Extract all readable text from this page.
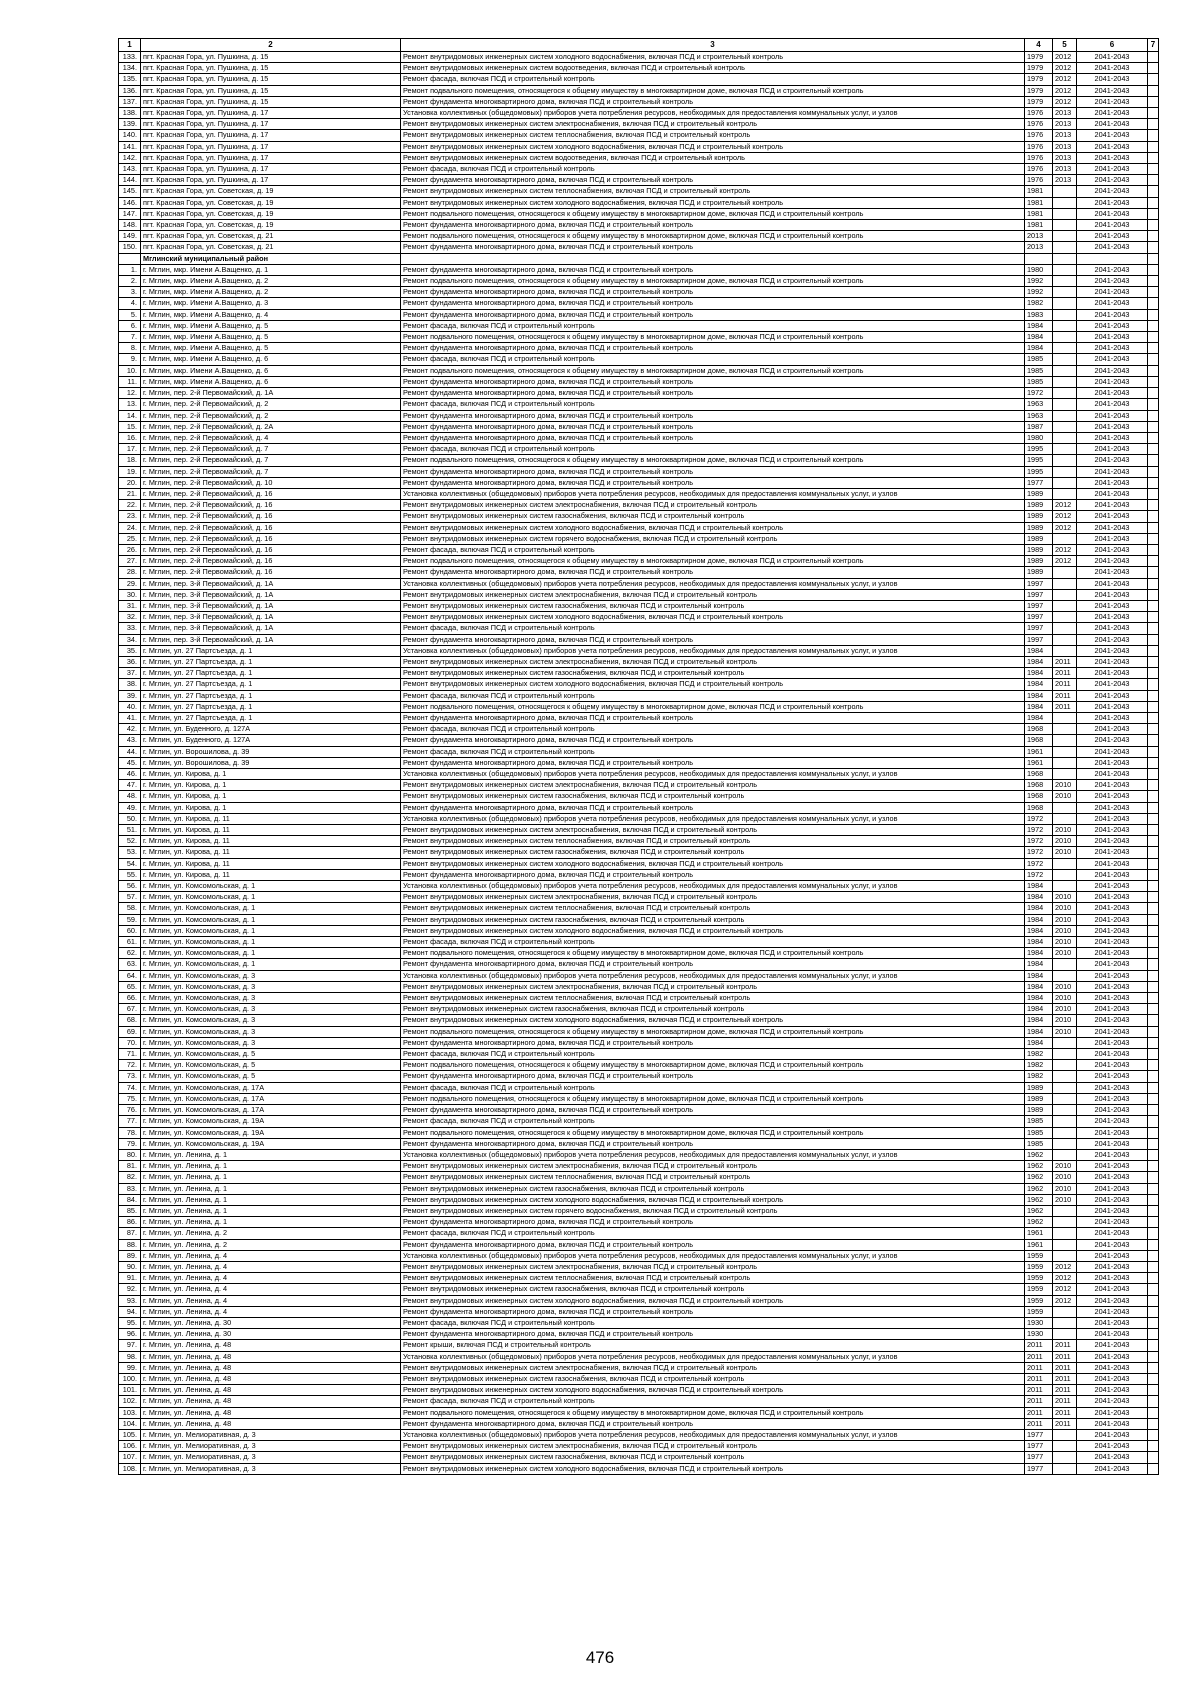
1	2	3	4	5	6	7
133.	пгт. Красная Гора, ул. Пушкина, д. 15	Ремонт внутридомовых инженерных систем холодного водоснабжения, включая ПСД и строительный контроль	1979	2012	2041-2043	
134.	пгт. Красная Гора, ул. Пушкина, д. 15	Ремонт внутридомовых инженерных систем водоотведения, включая ПСД и строительный контроль	1979	2012	2041-2043	
135.	пгт. Красная Гора, ул. Пушкина, д. 15	Ремонт фасада, включая ПСД и строительный контроль	1979	2012	2041-2043	
136.	пгт. Красная Гора, ул. Пушкина, д. 15	Ремонт подвального помещения, относящегося к общему имуществу в многоквартирном доме, включая ПСД и строительный контроль	1979	2012	2041-2043	
137.	пгт. Красная Гора, ул. Пушкина, д. 15	Ремонт фундамента многоквартирного дома, включая ПСД и строительный контроль	1979	2012	2041-2043	
138.	пгт. Красная Гора, ул. Пушкина, д. 17	Установка коллективных (общедомовых) приборов учета потребления ресурсов, необходимых для предоставления коммунальных услуг, и узлов	1976	2013	2041-2043	
139.	пгт. Красная Гора, ул. Пушкина, д. 17	Ремонт внутридомовых инженерных систем электроснабжения, включая ПСД и строительный контроль	1976	2013	2041-2043	
140.	пгт. Красная Гора, ул. Пушкина, д. 17	Ремонт внутридомовых инженерных систем теплоснабжения, включая ПСД и строительный контроль	1976	2013	2041-2043	
141.	пгт. Красная Гора, ул. Пушкина, д. 17	Ремонт внутридомовых инженерных систем холодного водоснабжения, включая ПСД и строительный контроль	1976	2013	2041-2043	
142.	пгт. Красная Гора, ул. Пушкина, д. 17	Ремонт внутридомовых инженерных систем водоотведения, включая ПСД и строительный контроль	1976	2013	2041-2043	
143.	пгт. Красная Гора, ул. Пушкина, д. 17	Ремонт фасада, включая ПСД и строительный контроль	1976	2013	2041-2043	
144.	пгт. Красная Гора, ул. Пушкина, д. 17	Ремонт фундамента многоквартирного дома, включая ПСД и строительный контроль	1976	2013	2041-2043	
145.	пгт. Красная Гора, ул. Советская, д. 19	Ремонт внутридомовых инженерных систем теплоснабжения, включая ПСД и строительный контроль	1981		2041-2043	
146.	пгт. Красная Гора, ул. Советская, д. 19	Ремонт внутридомовых инженерных систем холодного водоснабжения, включая ПСД и строительный контроль	1981		2041-2043	
147.	пгт. Красная Гора, ул. Советская, д. 19	Ремонт подвального помещения, относящегося к общему имуществу в многоквартирном доме, включая ПСД и строительный контроль	1981		2041-2043	
148.	пгт. Красная Гора, ул. Советская, д. 19	Ремонт фундамента многоквартирного дома, включая ПСД и строительный контроль	1981		2041-2043	
149.	пгт. Красная Гора, ул. Советская, д. 21	Ремонт подвального помещения, относящегося к общему имуществу в многоквартирном доме, включая ПСД и строительный контроль	2013		2041-2043	
150.	пгт. Красная Гора, ул. Советская, д. 21	Ремонт фундамента многоквартирного дома, включая ПСД и строительный контроль	2013		2041-2043	
	Мглинский муниципальный район					
1.	г. Мглин, мкр. Имени А.Ващенко, д. 1	Ремонт фундамента многоквартирного дома, включая ПСД и строительный контроль	1980		2041-2043	
2.	г. Мглин, мкр. Имени А.Ващенко, д. 2	Ремонт подвального помещения, относящегося к общему имуществу в многоквартирном доме, включая ПСД и строительный контроль	1992		2041-2043	
3.	г. Мглин, мкр. Имени А.Ващенко, д. 2	Ремонт фундамента многоквартирного дома, включая ПСД и строительный контроль	1992		2041-2043	
4.	г. Мглин, мкр. Имени А.Ващенко, д. 3	Ремонт фундамента многоквартирного дома, включая ПСД и строительный контроль	1982		2041-2043	
5.	г. Мглин, мкр. Имени А.Ващенко, д. 4	Ремонт фундамента многоквартирного дома, включая ПСД и строительный контроль	1983		2041-2043	
6.	г. Мглин, мкр. Имени А.Ващенко, д. 5	Ремонт фасада, включая ПСД и строительный контроль	1984		2041-2043	
7.	г. Мглин, мкр. Имени А.Ващенко, д. 5	Ремонт подвального помещения, относящегося к общему имуществу в многоквартирном доме, включая ПСД и строительный контроль	1984		2041-2043	
8.	г. Мглин, мкр. Имени А.Ващенко, д. 5	Ремонт фундамента многоквартирного дома, включая ПСД и строительный контроль	1984		2041-2043	
9.	г. Мглин, мкр. Имени А.Ващенко, д. 6	Ремонт фасада, включая ПСД и строительный контроль	1985		2041-2043	
10.	г. Мглин, мкр. Имени А.Ващенко, д. 6	Ремонт подвального помещения, относящегося к общему имуществу в многоквартирном доме, включая ПСД и строительный контроль	1985		2041-2043	
11.	г. Мглин, мкр. Имени А.Ващенко, д. 6	Ремонт фундамента многоквартирного дома, включая ПСД и строительный контроль	1985		2041-2043	
12.	г. Мглин, пер. 2-й Первомайский, д. 1А	Ремонт фундамента многоквартирного дома, включая ПСД и строительный контроль	1972		2041-2043	
13.	г. Мглин, пер. 2-й Первомайский, д. 2	Ремонт фасада, включая ПСД и строительный контроль	1963		2041-2043	
14.	г. Мглин, пер. 2-й Первомайский, д. 2	Ремонт фундамента многоквартирного дома, включая ПСД и строительный контроль	1963		2041-2043	
15.	г. Мглин, пер. 2-й Первомайский, д. 2А	Ремонт фундамента многоквартирного дома, включая ПСД и строительный контроль	1987		2041-2043	
16.	г. Мглин, пер. 2-й Первомайский, д. 4	Ремонт фундамента многоквартирного дома, включая ПСД и строительный контроль	1980		2041-2043	
17.	г. Мглин, пер. 2-й Первомайский, д. 7	Ремонт фасада, включая ПСД и строительный контроль	1995		2041-2043	
18.	г. Мглин, пер. 2-й Первомайский, д. 7	Ремонт подвального помещения, относящегося к общему имуществу в многоквартирном доме, включая ПСД и строительный контроль	1995		2041-2043	
19.	г. Мглин, пер. 2-й Первомайский, д. 7	Ремонт фундамента многоквартирного дома, включая ПСД и строительный контроль	1995		2041-2043	
20.	г. Мглин, пер. 2-й Первомайский, д. 10	Ремонт фундамента многоквартирного дома, включая ПСД и строительный контроль	1977		2041-2043	
21.	г. Мглин, пер. 2-й Первомайский, д. 16	Установка коллективных (общедомовых) приборов учета потребления ресурсов, необходимых для предоставления коммунальных услуг, и узлов	1989		2041-2043	
22.	г. Мглин, пер. 2-й Первомайский, д. 16	Ремонт внутридомовых инженерных систем электроснабжения, включая ПСД и строительный контроль	1989	2012	2041-2043	
23.	г. Мглин, пер. 2-й Первомайский, д. 16	Ремонт внутридомовых инженерных систем газоснабжения, включая ПСД и строительный контроль	1989	2012	2041-2043	
24.	г. Мглин, пер. 2-й Первомайский, д. 16	Ремонт внутридомовых инженерных систем холодного водоснабжения, включая ПСД и строительный контроль	1989	2012	2041-2043	
25.	г. Мглин, пер. 2-й Первомайский, д. 16	Ремонт внутридомовых инженерных систем горячего водоснабжения, включая ПСД и строительный контроль	1989		2041-2043	
26.	г. Мглин, пер. 2-й Первомайский, д. 16	Ремонт фасада, включая ПСД и строительный контроль	1989	2012	2041-2043	
27.	г. Мглин, пер. 2-й Первомайский, д. 16	Ремонт подвального помещения, относящегося к общему имуществу в многоквартирном доме, включая ПСД и строительный контроль	1989	2012	2041-2043	
28.	г. Мглин, пер. 2-й Первомайский, д. 16	Ремонт фундамента многоквартирного дома, включая ПСД и строительный контроль	1989		2041-2043	
29.	г. Мглин, пер. 3-й Первомайский, д. 1А	Установка коллективных (общедомовых) приборов учета потребления ресурсов, необходимых для предоставления коммунальных услуг, и узлов	1997		2041-2043	
30.	г. Мглин, пер. 3-й Первомайский, д. 1А	Ремонт внутридомовых инженерных систем электроснабжения, включая ПСД и строительный контроль	1997		2041-2043	
31.	г. Мглин, пер. 3-й Первомайский, д. 1А	Ремонт внутридомовых инженерных систем газоснабжения, включая ПСД и строительный контроль	1997		2041-2043	
32.	г. Мглин, пер. 3-й Первомайский, д. 1А	Ремонт внутридомовых инженерных систем холодного водоснабжения, включая ПСД и строительный контроль	1997		2041-2043	
33.	г. Мглин, пер. 3-й Первомайский, д. 1А	Ремонт фасада, включая ПСД и строительный контроль	1997		2041-2043	
34.	г. Мглин, пер. 3-й Первомайский, д. 1А	Ремонт фундамента многоквартирного дома, включая ПСД и строительный контроль	1997		2041-2043	
35.	г. Мглин, ул. 27 Партсъезда, д. 1	Установка коллективных (общедомовых) приборов учета потребления ресурсов, необходимых для предоставления коммунальных услуг, и узлов	1984		2041-2043	
36.	г. Мглин, ул. 27 Партсъезда, д. 1	Ремонт внутридомовых инженерных систем электроснабжения, включая ПСД и строительный контроль	1984	2011	2041-2043	
37.	г. Мглин, ул. 27 Партсъезда, д. 1	Ремонт внутридомовых инженерных систем газоснабжения, включая ПСД и строительный контроль	1984	2011	2041-2043	
38.	г. Мглин, ул. 27 Партсъезда, д. 1	Ремонт внутридомовых инженерных систем холодного водоснабжения, включая ПСД и строительный контроль	1984	2011	2041-2043	
39.	г. Мглин, ул. 27 Партсъезда, д. 1	Ремонт фасада, включая ПСД и строительный контроль	1984	2011	2041-2043	
40.	г. Мглин, ул. 27 Партсъезда, д. 1	Ремонт подвального помещения, относящегося к общему имуществу в многоквартирном доме, включая ПСД и строительный контроль	1984	2011	2041-2043	
41.	г. Мглин, ул. 27 Партсъезда, д. 1	Ремонт фундамента многоквартирного дома, включая ПСД и строительный контроль	1984		2041-2043	
42.	г. Мглин, ул. Буденного, д. 127А	Ремонт фасада, включая ПСД и строительный контроль	1968		2041-2043	
43.	г. Мглин, ул. Буденного, д. 127А	Ремонт фундамента многоквартирного дома, включая ПСД и строительный контроль	1968		2041-2043	
44.	г. Мглин, ул. Ворошилова, д. 39	Ремонт фасада, включая ПСД и строительный контроль	1961		2041-2043	
45.	г. Мглин, ул. Ворошилова, д. 39	Ремонт фундамента многоквартирного дома, включая ПСД и строительный контроль	1961		2041-2043	
46.	г. Мглин, ул. Кирова, д. 1	Установка коллективных (общедомовых) приборов учета потребления ресурсов, необходимых для предоставления коммунальных услуг, и узлов	1968		2041-2043	
47.	г. Мглин, ул. Кирова, д. 1	Ремонт внутридомовых инженерных систем электроснабжения, включая ПСД и строительный контроль	1968	2010	2041-2043	
48.	г. Мглин, ул. Кирова, д. 1	Ремонт внутридомовых инженерных систем газоснабжения, включая ПСД и строительный контроль	1968	2010	2041-2043	
49.	г. Мглин, ул. Кирова, д. 1	Ремонт фундамента многоквартирного дома, включая ПСД и строительный контроль	1968		2041-2043	
50.	г. Мглин, ул. Кирова, д. 11	Установка коллективных (общедомовых) приборов учета потребления ресурсов, необходимых для предоставления коммунальных услуг, и узлов	1972		2041-2043	
51.	г. Мглин, ул. Кирова, д. 11	Ремонт внутридомовых инженерных систем электроснабжения, включая ПСД и строительный контроль	1972	2010	2041-2043	
52.	г. Мглин, ул. Кирова, д. 11	Ремонт внутридомовых инженерных систем теплоснабжения, включая ПСД и строительный контроль	1972	2010	2041-2043	
53.	г. Мглин, ул. Кирова, д. 11	Ремонт внутридомовых инженерных систем газоснабжения, включая ПСД и строительный контроль	1972	2010	2041-2043	
54.	г. Мглин, ул. Кирова, д. 11	Ремонт внутридомовых инженерных систем холодного водоснабжения, включая ПСД и строительный контроль	1972		2041-2043	
55.	г. Мглин, ул. Кирова, д. 11	Ремонт фундамента многоквартирного дома, включая ПСД и строительный контроль	1972		2041-2043	
56.	г. Мглин, ул. Комсомольская, д. 1	Установка коллективных (общедомовых) приборов учета потребления ресурсов, необходимых для предоставления коммунальных услуг, и узлов	1984		2041-2043	
57.	г. Мглин, ул. Комсомольская, д. 1	Ремонт внутридомовых инженерных систем электроснабжения, включая ПСД и строительный контроль	1984	2010	2041-2043	
58.	г. Мглин, ул. Комсомольская, д. 1	Ремонт внутридомовых инженерных систем теплоснабжения, включая ПСД и строительный контроль	1984	2010	2041-2043	
59.	г. Мглин, ул. Комсомольская, д. 1	Ремонт внутридомовых инженерных систем газоснабжения, включая ПСД и строительный контроль	1984	2010	2041-2043	
60.	г. Мглин, ул. Комсомольская, д. 1	Ремонт внутридомовых инженерных систем холодного водоснабжения, включая ПСД и строительный контроль	1984	2010	2041-2043	
61.	г. Мглин, ул. Комсомольская, д. 1	Ремонт фасада, включая ПСД и строительный контроль	1984	2010	2041-2043	
62.	г. Мглин, ул. Комсомольская, д. 1	Ремонт подвального помещения, относящегося к общему имуществу в многоквартирном доме, включая ПСД и строительный контроль	1984	2010	2041-2043	
63.	г. Мглин, ул. Комсомольская, д. 1	Ремонт фундамента многоквартирного дома, включая ПСД и строительный контроль	1984		2041-2043	
64.	г. Мглин, ул. Комсомольская, д. 3	Установка коллективных (общедомовых) приборов учета потребления ресурсов, необходимых для предоставления коммунальных услуг, и узлов	1984		2041-2043	
65.	г. Мглин, ул. Комсомольская, д. 3	Ремонт внутридомовых инженерных систем электроснабжения, включая ПСД и строительный контроль	1984	2010	2041-2043	
66.	г. Мглин, ул. Комсомольская, д. 3	Ремонт внутридомовых инженерных систем теплоснабжения, включая ПСД и строительный контроль	1984	2010	2041-2043	
67.	г. Мглин, ул. Комсомольская, д. 3	Ремонт внутридомовых инженерных систем газоснабжения, включая ПСД и строительный контроль	1984	2010	2041-2043	
68.	г. Мглин, ул. Комсомольская, д. 3	Ремонт внутридомовых инженерных систем холодного водоснабжения, включая ПСД и строительный контроль	1984	2010	2041-2043	
69.	г. Мглин, ул. Комсомольская, д. 3	Ремонт подвального помещения, относящегося к общему имуществу в многоквартирном доме, включая ПСД и строительный контроль	1984	2010	2041-2043	
70.	г. Мглин, ул. Комсомольская, д. 3	Ремонт фундамента многоквартирного дома, включая ПСД и строительный контроль	1984		2041-2043	
71.	г. Мглин, ул. Комсомольская, д. 5	Ремонт фасада, включая ПСД и строительный контроль	1982		2041-2043	
72.	г. Мглин, ул. Комсомольская, д. 5	Ремонт подвального помещения, относящегося к общему имуществу в многоквартирном доме, включая ПСД и строительный контроль	1982		2041-2043	
73.	г. Мглин, ул. Комсомольская, д. 5	Ремонт фундамента многоквартирного дома, включая ПСД и строительный контроль	1982		2041-2043	
74.	г. Мглин, ул. Комсомольская, д. 17А	Ремонт фасада, включая ПСД и строительный контроль	1989		2041-2043	
75.	г. Мглин, ул. Комсомольская, д. 17А	Ремонт подвального помещения, относящегося к общему имуществу в многоквартирном доме, включая ПСД и строительный контроль	1989		2041-2043	
76.	г. Мглин, ул. Комсомольская, д. 17А	Ремонт фундамента многоквартирного дома, включая ПСД и строительный контроль	1989		2041-2043	
77.	г. Мглин, ул. Комсомольская, д. 19А	Ремонт фасада, включая ПСД и строительный контроль	1985		2041-2043	
78.	г. Мглин, ул. Комсомольская, д. 19А	Ремонт подвального помещения, относящегося к общему имуществу в многоквартирном доме, включая ПСД и строительный контроль	1985		2041-2043	
79.	г. Мглин, ул. Комсомольская, д. 19А	Ремонт фундамента многоквартирного дома, включая ПСД и строительный контроль	1985		2041-2043	
80.	г. Мглин, ул. Ленина, д. 1	Установка коллективных (общедомовых) приборов учета потребления ресурсов, необходимых для предоставления коммунальных услуг, и узлов	1962		2041-2043	
81.	г. Мглин, ул. Ленина, д. 1	Ремонт внутридомовых инженерных систем электроснабжения, включая ПСД и строительный контроль	1962	2010	2041-2043	
82.	г. Мглин, ул. Ленина, д. 1	Ремонт внутридомовых инженерных систем теплоснабжения, включая ПСД и строительный контроль	1962	2010	2041-2043	
83.	г. Мглин, ул. Ленина, д. 1	Ремонт внутридомовых инженерных систем газоснабжения, включая ПСД и строительный контроль	1962	2010	2041-2043	
84.	г. Мглин, ул. Ленина, д. 1	Ремонт внутридомовых инженерных систем холодного водоснабжения, включая ПСД и строительный контроль	1962	2010	2041-2043	
85.	г. Мглин, ул. Ленина, д. 1	Ремонт внутридомовых инженерных систем горячего водоснабжения, включая ПСД и строительный контроль	1962		2041-2043	
86.	г. Мглин, ул. Ленина, д. 1	Ремонт фундамента многоквартирного дома, включая ПСД и строительный контроль	1962		2041-2043	
87.	г. Мглин, ул. Ленина, д. 2	Ремонт фасада, включая ПСД и строительный контроль	1961		2041-2043	
88.	г. Мглин, ул. Ленина, д. 2	Ремонт фундамента многоквартирного дома, включая ПСД и строительный контроль	1961		2041-2043	
89.	г. Мглин, ул. Ленина, д. 4	Установка коллективных (общедомовых) приборов учета потребления ресурсов, необходимых для предоставления коммунальных услуг, и узлов	1959		2041-2043	
90.	г. Мглин, ул. Ленина, д. 4	Ремонт внутридомовых инженерных систем электроснабжения, включая ПСД и строительный контроль	1959	2012	2041-2043	
91.	г. Мглин, ул. Ленина, д. 4	Ремонт внутридомовых инженерных систем теплоснабжения, включая ПСД и строительный контроль	1959	2012	2041-2043	
92.	г. Мглин, ул. Ленина, д. 4	Ремонт внутридомовых инженерных систем газоснабжения, включая ПСД и строительный контроль	1959	2012	2041-2043	
93.	г. Мглин, ул. Ленина, д. 4	Ремонт внутридомовых инженерных систем холодного водоснабжения, включая ПСД и строительный контроль	1959	2012	2041-2043	
94.	г. Мглин, ул. Ленина, д. 4	Ремонт фундамента многоквартирного дома, включая ПСД и строительный контроль	1959		2041-2043	
95.	г. Мглин, ул. Ленина, д. 30	Ремонт фасада, включая ПСД и строительный контроль	1930		2041-2043	
96.	г. Мглин, ул. Ленина, д. 30	Ремонт фундамента многоквартирного дома, включая ПСД и строительный контроль	1930		2041-2043	
97.	г. Мглин, ул. Ленина, д. 48	Ремонт крыши, включая ПСД и строительный контроль	2011	2011	2041-2043	
98.	г. Мглин, ул. Ленина, д. 48	Установка коллективных (общедомовых) приборов учета потребления ресурсов, необходимых для предоставления коммунальных услуг, и узлов	2011	2011	2041-2043	
99.	г. Мглин, ул. Ленина, д. 48	Ремонт внутридомовых инженерных систем электроснабжения, включая ПСД и строительный контроль	2011	2011	2041-2043	
100.	г. Мглин, ул. Ленина, д. 48	Ремонт внутридомовых инженерных систем газоснабжения, включая ПСД и строительный контроль	2011	2011	2041-2043	
101.	г. Мглин, ул. Ленина, д. 48	Ремонт внутридомовых инженерных систем холодного водоснабжения, включая ПСД и строительный контроль	2011	2011	2041-2043	
102.	г. Мглин, ул. Ленина, д. 48	Ремонт фасада, включая ПСД и строительный контроль	2011	2011	2041-2043	
103.	г. Мглин, ул. Ленина, д. 48	Ремонт подвального помещения, относящегося к общему имуществу в многоквартирном доме, включая ПСД и строительный контроль	2011	2011	2041-2043	
104.	г. Мглин, ул. Ленина, д. 48	Ремонт фундамента многоквартирного дома, включая ПСД и строительный контроль	2011	2011	2041-2043	
105.	г. Мглин, ул. Мелиоративная, д. 3	Установка коллективных (общедомовых) приборов учета потребления ресурсов, необходимых для предоставления коммунальных услуг, и узлов	1977		2041-2043	
106.	г. Мглин, ул. Мелиоративная, д. 3	Ремонт внутридомовых инженерных систем электроснабжения, включая ПСД и строительный контроль	1977		2041-2043	
107.	г. Мглин, ул. Мелиоративная, д. 3	Ремонт внутридомовых инженерных систем газоснабжения, включая ПСД и строительный контроль	1977		2041-2043	
108.	г. Мглин, ул. Мелиоративная, д. 3	Ремонт внутридомовых инженерных систем холодного водоснабжения, включая ПСД и строительный контроль	1977		2041-2043	
476
